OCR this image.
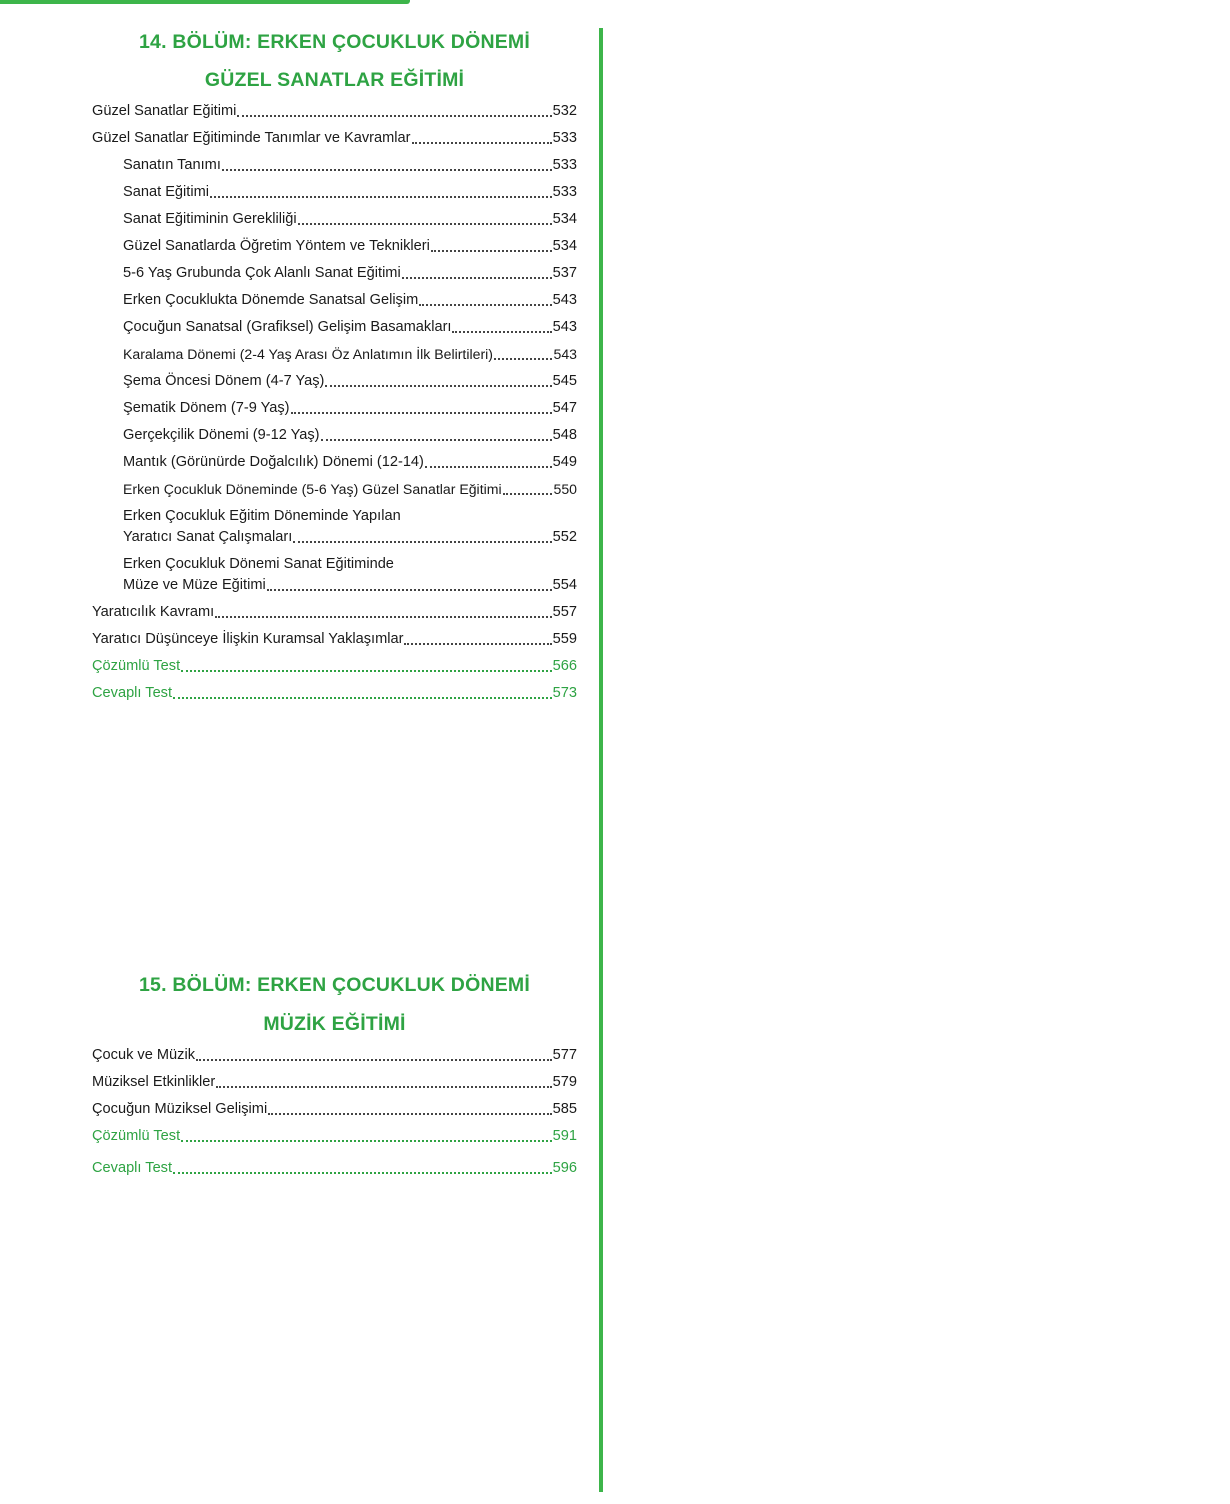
14. BÖLÜM: ERKEN ÇOCUKLUK DÖNEMİ
GÜZEL SANATLAR EĞİTİMİ
Güzel Sanatlar Eğitimi	532
Güzel Sanatlar Eğitiminde Tanımlar ve Kavramlar	533
Sanatın Tanımı	533
Sanat Eğitimi	533
Sanat Eğitiminin Gerekliliği	534
Güzel Sanatlarda Öğretim Yöntem ve Teknikleri	534
5-6 Yaş Grubunda Çok Alanlı Sanat Eğitimi	537
Erken Çocuklukta Dönemde Sanatsal Gelişim	543
Çocuğun Sanatsal (Grafiksel) Gelişim Basamakları	543
Karalama Dönemi (2-4 Yaş Arası Öz Anlatımın İlk Belirtileri)	543
Şema Öncesi Dönem (4-7 Yaş)	545
Şematik Dönem (7-9 Yaş)	547
Gerçekçilik Dönemi (9-12 Yaş)	548
Mantık (Görünürde Doğalcılık) Dönemi (12-14)	549
Erken Çocukluk Döneminde (5-6 Yaş) Güzel Sanatlar Eğitimi	550
Erken Çocukluk Eğitim Döneminde Yapılan
Yaratıcı Sanat Çalışmaları	552
Erken Çocukluk Dönemi Sanat Eğitiminde
Müze ve Müze Eğitimi	554
Yaratıcılık Kavramı	557
Yaratıcı Düşünceye İlişkin Kuramsal Yaklaşımlar	559
Çözümlü Test	566
Cevaplı Test	573
15. BÖLÜM: ERKEN ÇOCUKLUK DÖNEMİ
MÜZİK EĞİTİMİ
Çocuk ve Müzik	577
Müziksel Etkinlikler	579
Çocuğun Müziksel Gelişimi	585
Çözümlü Test	591
Cevaplı Test	596
